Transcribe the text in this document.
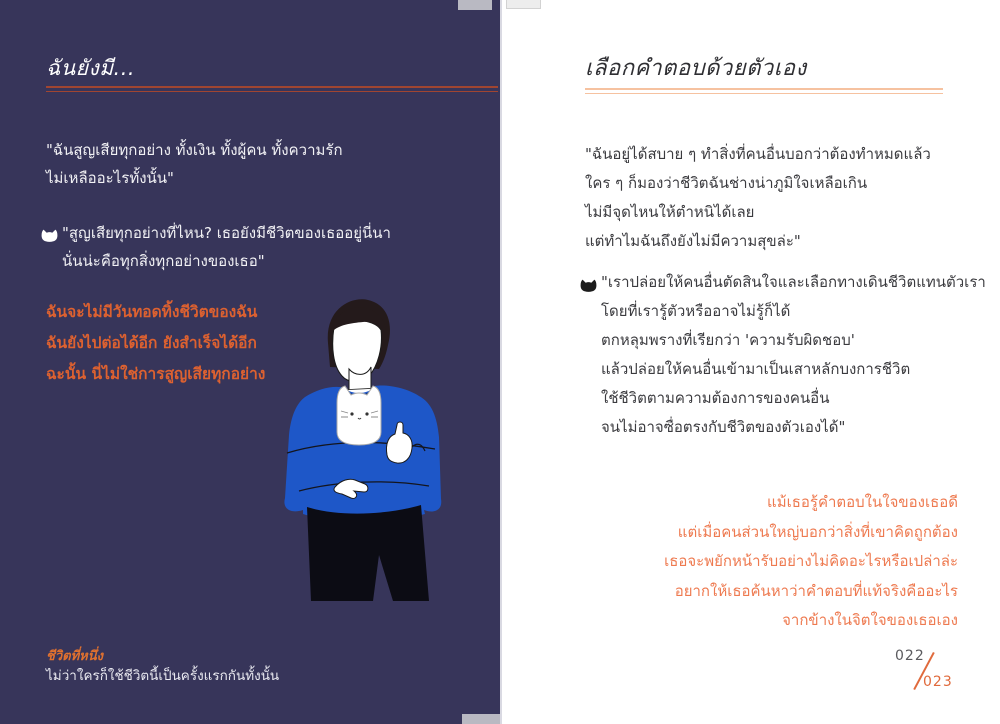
ฉันยังมี...
"ฉันสูญเสียทุกอย่าง ทั้งเงิน ทั้งผู้คน ทั้งความรัก
ไม่เหลืออะไรทั้งนั้น"
"สูญเสียทุกอย่างที่ไหน? เธอยังมีชีวิตของเธออยู่นี่นา
นั่นน่ะคือทุกสิ่งทุกอย่างของเธอ"
ฉันจะไม่มีวันทอดทิ้งชีวิตของฉัน
ฉันยังไปต่อได้อีก ยังสำเร็จได้อีก
ฉะนั้น นี่ไม่ใช่การสูญเสียทุกอย่าง
ชีวิตที่หนึ่ง
ไม่ว่าใครก็ใช้ชีวิตนี้เป็นครั้งแรกกันทั้งนั้น
เลือกคำตอบด้วยตัวเอง
"ฉันอยู่ได้สบาย ๆ ทำสิ่งที่คนอื่นบอกว่าต้องทำหมดแล้ว
ใคร ๆ ก็มองว่าชีวิตฉันช่างน่าภูมิใจเหลือเกิน
ไม่มีจุดไหนให้ตำหนิได้เลย
แต่ทำไมฉันถึงยังไม่มีความสุขล่ะ"
"เราปล่อยให้คนอื่นตัดสินใจและเลือกทางเดินชีวิตแทนตัวเรา
โดยที่เรารู้ตัวหรืออาจไม่รู้ก็ได้
ตกหลุมพรางที่เรียกว่า 'ความรับผิดชอบ'
แล้วปล่อยให้คนอื่นเข้ามาเป็นเสาหลักบงการชีวิต
ใช้ชีวิตตามความต้องการของคนอื่น
จนไม่อาจซื่อตรงกับชีวิตของตัวเองได้"
แม้เธอรู้คำตอบในใจของเธอดี
แต่เมื่อคนส่วนใหญ่บอกว่าสิ่งที่เขาคิดถูกต้อง
เธอจะพยักหน้ารับอย่างไม่คิดอะไรหรือเปล่าล่ะ
อยากให้เธอค้นหาว่าคำตอบที่แท้จริงคืออะไร
จากข้างในจิตใจของเธอเอง
022
023
